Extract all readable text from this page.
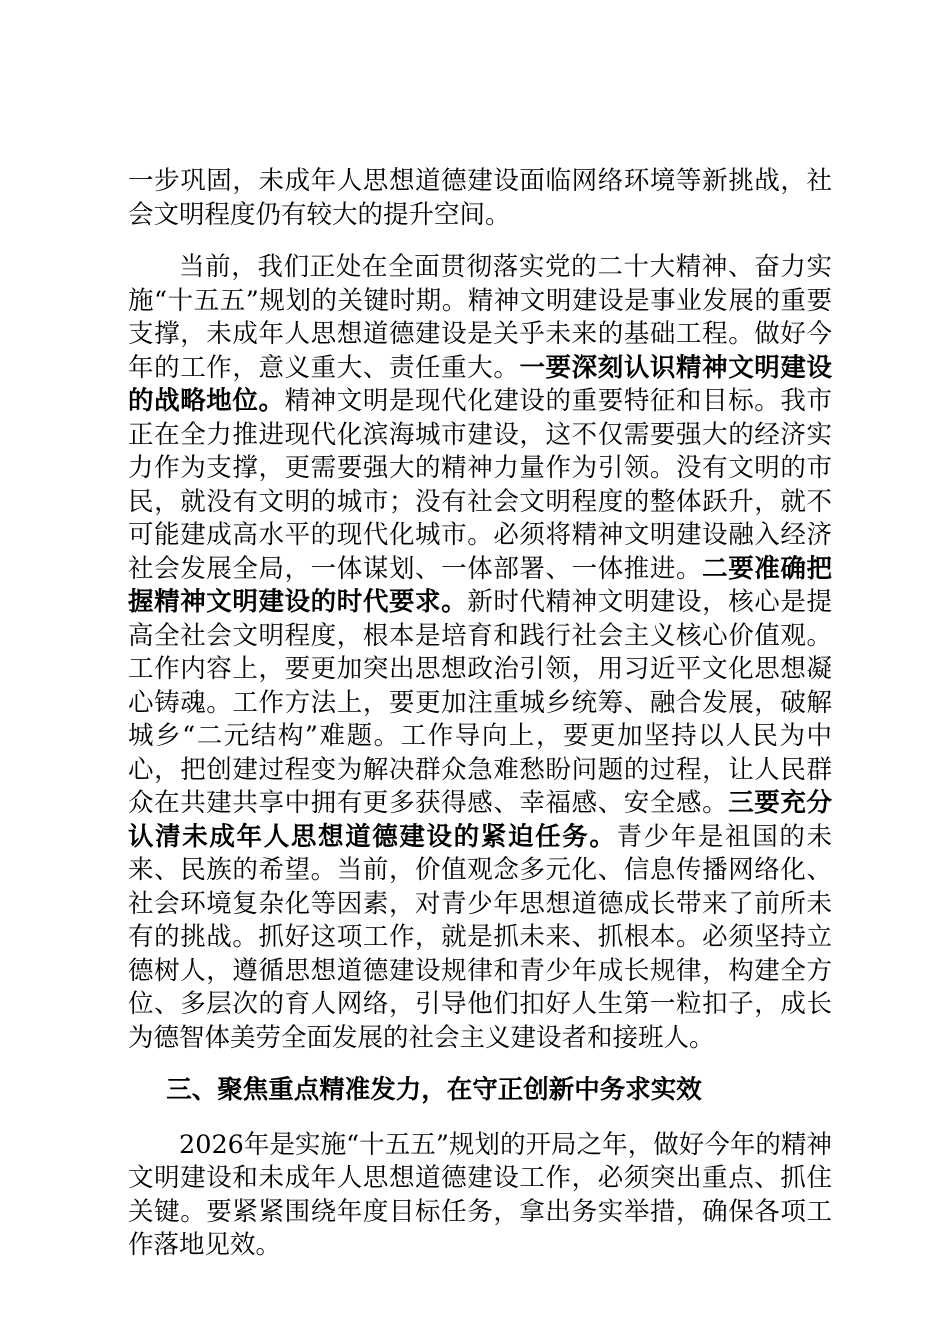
一步巩固，未成年人思想道德建设面临网络环境等新挑战，社会文明程度仍有较大的提升空间。

当前，我们正处在全面贯彻落实党的二十大精神、奋力实施“十五五”规划的关键时期。精神文明建设是事业发展的重要支撑，未成年人思想道德建设是关乎未来的基础工程。做好今年的工作，意义重大、责任重大。一要深刻认识精神文明建设的战略地位。精神文明是现代化建设的重要特征和目标。我市正在全力推进现代化滨海城市建设，这不仅需要强大的经济实力作为支撑，更需要强大的精神力量作为引领。没有文明的市民，就没有文明的城市；没有社会文明程度的整体跃升，就不可能建成高水平的现代化城市。必须将精神文明建设融入经济社会发展全局，一体谋划、一体部署、一体推进。二要准确把握精神文明建设的时代要求。新时代精神文明建设，核心是提高全社会文明程度，根本是培育和践行社会主义核心价值观。工作内容上，要更加突出思想政治引领，用习近平文化思想凝心铸魂。工作方法上，要更加注重城乡统筹、融合发展，破解城乡“二元结构”难题。工作导向上，要更加坚持以人民为中心，把创建过程变为解决群众急难愁盼问题的过程，让人民群众在共建共享中拥有更多获得感、幸福感、安全感。三要充分认清未成年人思想道德建设的紧迫任务。青少年是祖国的未来、民族的希望。当前，价值观念多元化、信息传播网络化、社会环境复杂化等因素，对青少年思想道德成长带来了前所未有的挑战。抓好这项工作，就是抓未来、抓根本。必须坚持立德树人，遵循思想道德建设规律和青少年成长规律，构建全方位、多层次的育人网络，引导他们扣好人生第一粒扣子，成长为德智体美劳全面发展的社会主义建设者和接班人。

三、聚焦重点精准发力，在守正创新中务求实效

2026年是实施“十五五”规划的开局之年，做好今年的精神文明建设和未成年人思想道德建设工作，必须突出重点、抓住关键。要紧紧围绕年度目标任务，拿出务实举措，确保各项工作落地见效。
